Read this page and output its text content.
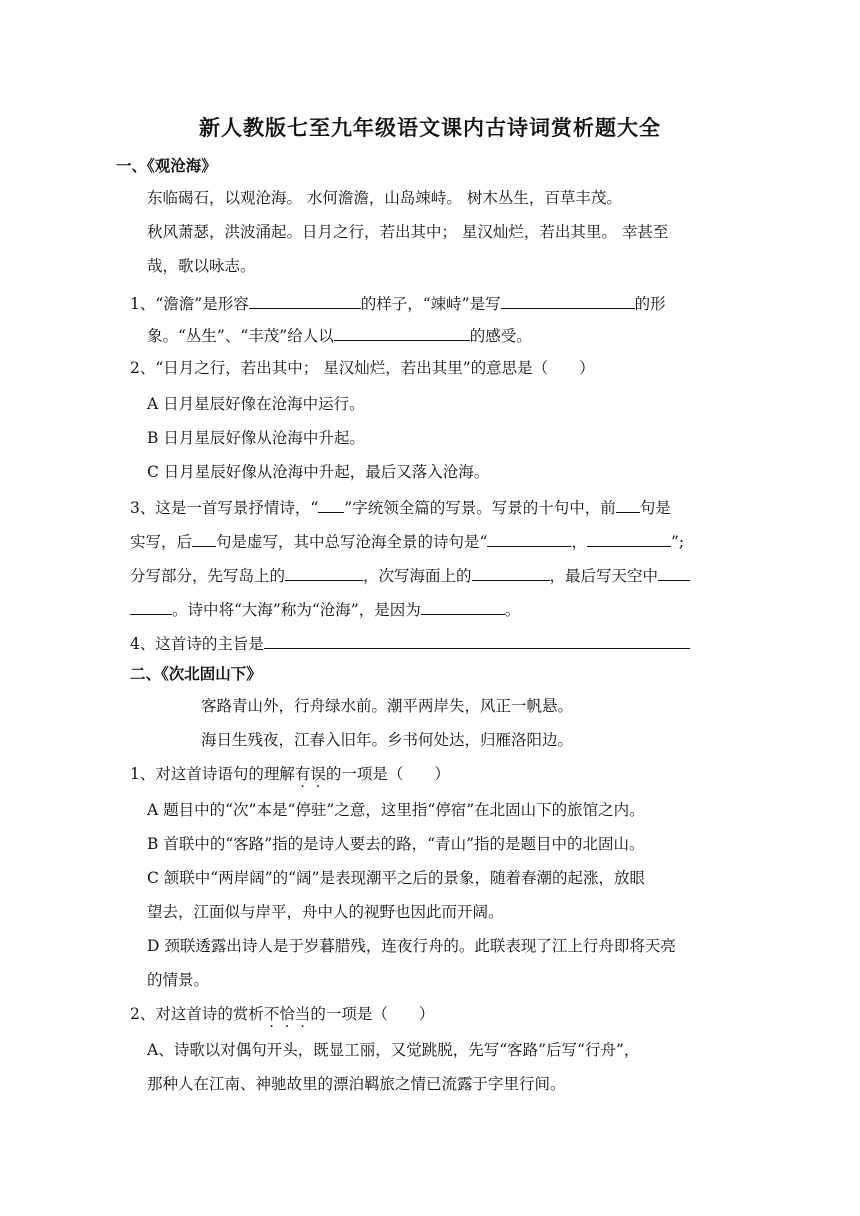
新人教版七至九年级语文课内古诗词赏析题大全
一、《观沧海》
东临碣石，以观沧海。 水何澹澹，山岛竦峙。 树木丛生，百草丰茂。
秋风萧瑟，洪波涌起。日月之行，若出其中； 星汉灿烂，若出其里。 幸甚至
哉，歌以咏志。
1、“澹澹”是形容	的样子，“竦峙”是写	的形
象。“丛生”、“丰茂”给人以	的感受。
2、“日月之行，若出其中； 星汉灿烂，若出其里”的意思是（　　）
A 日月星辰好像在沧海中运行。
B 日月星辰好像从沧海中升起。
C 日月星辰好像从沧海中升起，最后又落入沧海。
3、这是一首写景抒情诗，“ ”字统领全篇的写景。写景的十句中，前 句是
实写，后 句是虚写，其中总写沧海全景的诗句是“	，	”;
分写部分，先写岛上的	，次写海面上的	，最后写天空中
。诗中将“大海”称为“沧海”，是因为	。
4、这首诗的主旨是
二、《次北固山下》
客路青山外，行舟绿水前。潮平两岸失，风正一帆悬。
海日生残夜，江春入旧年。乡书何处达，归雁洛阳边。
1、对这首诗语句的理解有误的一项是（　　）
A 题目中的“次”本是“停驻”之意，这里指“停宿”在北固山下的旅馆之内。
B 首联中的“客路”指的是诗人要去的路，“青山”指的是题目中的北固山。
C 颔联中“两岸阔”的“阔”是表现潮平之后的景象，随着春潮的起涨，放眼
望去，江面似与岸平，舟中人的视野也因此而开阔。
D 颈联透露出诗人是于岁暮腊残，连夜行舟的。此联表现了江上行舟即将天亮
的情景。
2、对这首诗的赏析不恰当的一项是（　　）
A、诗歌以对偶句开头，既显工丽，又觉跳脱，先写“客路”后写“行舟”，
那种人在江南、神驰故里的漂泊羁旅之情已流露于字里行间。
